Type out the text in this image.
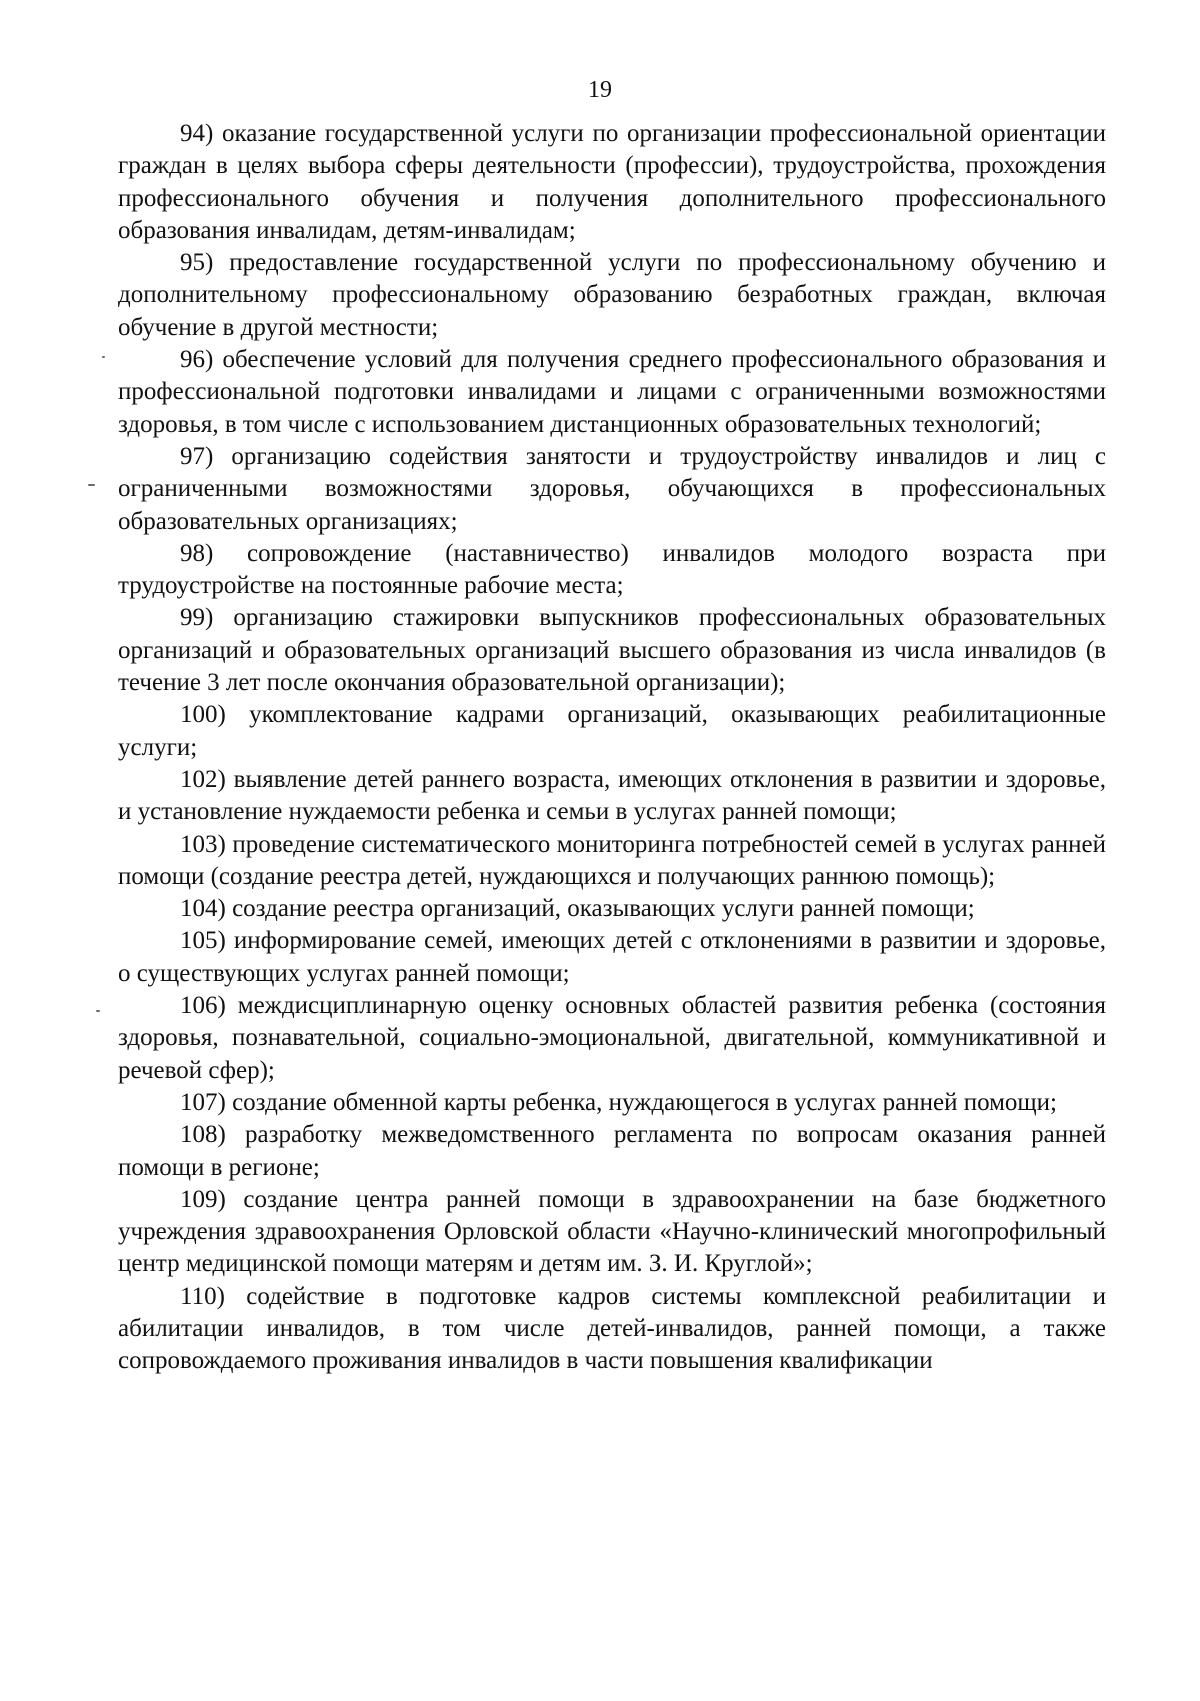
19

94) оказание государственной услуги по организации профессиональной ориентации граждан в целях выбора сферы деятельности (профессии), трудоустройства, прохождения профессионального обучения и получения дополнительного профессионального образования инвалидам, детям-инвалидам;

95) предоставление государственной услуги по профессиональному обучению и дополнительному профессиональному образованию безработных граждан, включая обучение в другой местности;

96) обеспечение условий для получения среднего профессионального образования и профессиональной подготовки инвалидами и лицами с ограниченными возможностями здоровья, в том числе с использованием дистанционных образовательных технологий;

97) организацию содействия занятости и трудоустройству инвалидов и лиц с ограниченными возможностями здоровья, обучающихся в профессиональных образовательных организациях;

98) сопровождение (наставничество) инвалидов молодого возраста при трудоустройстве на постоянные рабочие места;

99) организацию стажировки выпускников профессиональных образовательных организаций и образовательных организаций высшего образования из числа инвалидов (в течение 3 лет после окончания образовательной организации);

100) укомплектование кадрами организаций, оказывающих реабилитационные услуги;

102) выявление детей раннего возраста, имеющих отклонения в развитии и здоровье, и установление нуждаемости ребенка и семьи в услугах ранней помощи;

103) проведение систематического мониторинга потребностей семей в услугах ранней помощи (создание реестра детей, нуждающихся и получающих раннюю помощь);

104) создание реестра организаций, оказывающих услуги ранней помощи;

105) информирование семей, имеющих детей с отклонениями в развитии и здоровье, о существующих услугах ранней помощи;

106) междисциплинарную оценку основных областей развития ребенка (состояния здоровья, познавательной, социально-эмоциональной, двигательной, коммуникативной и речевой сфер);

107) создание обменной карты ребенка, нуждающегося в услугах ранней помощи;

108) разработку межведомственного регламента по вопросам оказания ранней помощи в регионе;

109) создание центра ранней помощи в здравоохранении на базе бюджетного учреждения здравоохранения Орловской области «Научно-клинический многопрофильный центр медицинской помощи матерям и детям им. З. И. Круглой»;

110) содействие в подготовке кадров системы комплексной реабилитации и абилитации инвалидов, в том числе детей-инвалидов, ранней помощи, а также сопровождаемого проживания инвалидов в части повышения квалификации
